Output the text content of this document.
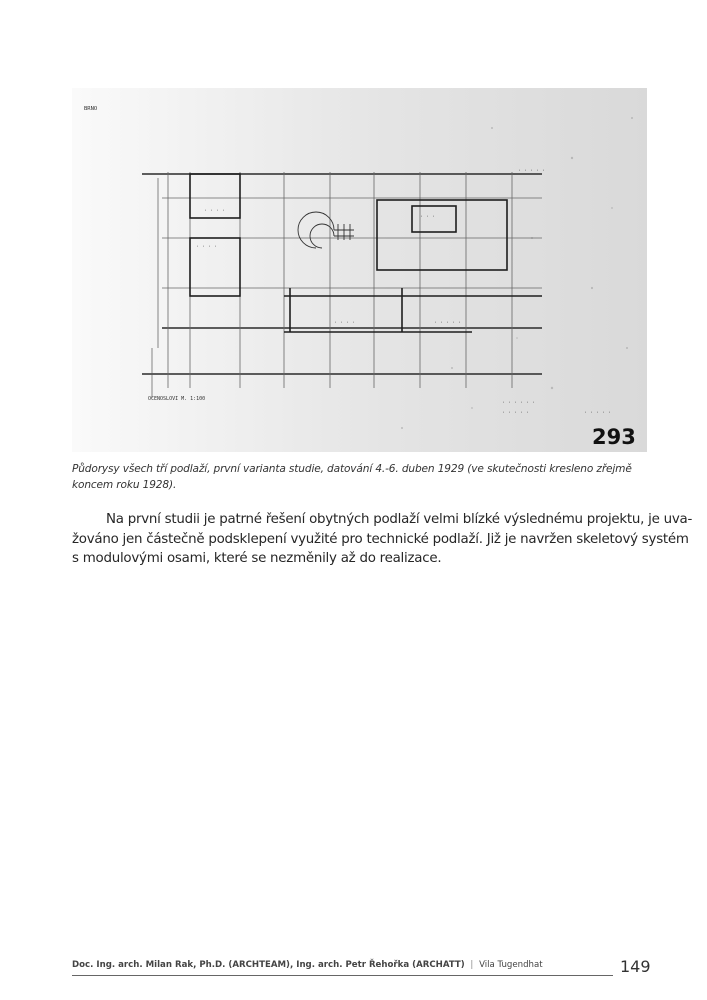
· · · ·
· · · ·
· · ·
· · · · ·
· · · ·
· · · · · ·
· · · · ·	· · · · ·
· · · · ·
BRNO
OCENOSLOVI M. 1:100
293
Půdorysy všech tří podlaží, první varianta studie, datování 4.-6. duben 1929 (ve skutečnosti kresleno zřejmě koncem roku 1928).
Na první studii je patrné řešení obytných podlaží velmi blízké výslednému projektu, je uva-
žováno jen částečně podsklepení využité pro technické podlaží. Již je navržen skeletový systém
s modulovými osami, které se nezměnily až do realizace.
Doc. Ing. arch. Milan Rak, Ph.D. (ARCHTEAM), Ing. arch. Petr Řehořka (ARCHATT) | Vila Tugendhat	149
